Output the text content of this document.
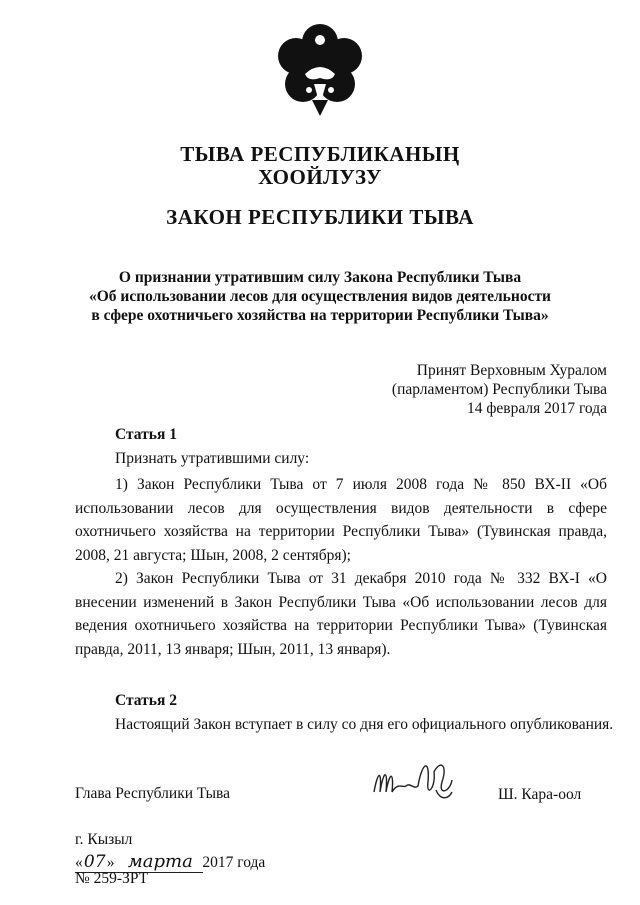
ТЫВА РЕСПУБЛИКАНЫҢ
ХООЙЛУЗУ
ЗАКОН РЕСПУБЛИКИ ТЫВА
О признании утратившим силу Закона Республики Тыва
«Об использовании лесов для осуществления видов деятельности
в сфере охотничьего хозяйства на территории Республики Тыва»
Принят Верховным Хуралом
(парламентом) Республики Тыва
14 февраля 2017 года
Статья 1
Признать утратившими силу:

1) Закон Республики Тыва от 7 июля 2008 года № 850 ВХ-II «Об использовании лесов для осуществления видов деятельности в сфере охотничьего хозяйства на территории Республики Тыва» (Тувинская правда, 2008, 21 августа; Шын, 2008, 2 сентября);

2) Закон Республики Тыва от 31 декабря 2010 года № 332 ВХ-I «О внесении изменений в Закон Республики Тыва «Об использовании лесов для ведения охотничьего хозяйства на территории Республики Тыва» (Тувинская правда, 2011, 13 января; Шын, 2011, 13 января).

Статья 2
Настоящий Закон вступает в силу со дня его официального опубликования.
Глава Республики Тыва	Ш. Кара-оол
г. Кызыл
«07» марта 2017 года
№ 259-ЗРТ
